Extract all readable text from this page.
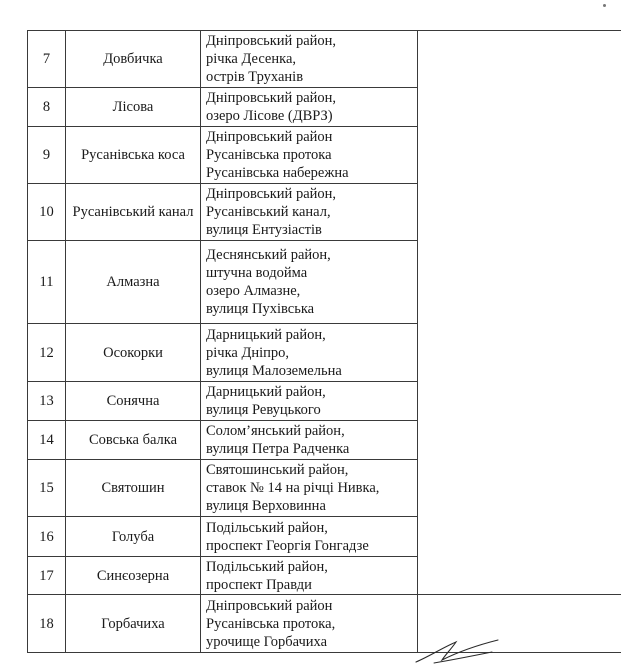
7	Довбичка	Дніпровський район,
річка Десенка,
острів Труханів	

8	Лісова	Дніпровський район,
озеро Лісове (ДВРЗ)	

9	Русанівська коса	Дніпровський район
Русанівська протока
Русанівська набережна	

10	Русанівський канал	Дніпровський район,
Русанівський канал,
вулиця Ентузіастів	

11	Алмазна	Деснянський район,
штучна водойма
озеро Алмазне,
вулиця Пухівська	

12	Осокорки	Дарницький район,
річка Дніпро,
вулиця Малоземельна	

13	Сонячна	Дарницький район,
вулиця Ревуцького	

14	Совська балка	Солом’янський район,
вулиця Петра Радченка	

15	Святошин	Святошинський район,
ставок № 14 на річці Нивка,
вулиця Верховинна	

16	Голуба	Подільський район,
проспект Георгія Гонгадзе	

17	Синєозерна	Подільський район,
проспект Правди	

18	Горбачиха	Дніпровський район
Русанівська протока,
урочище Горбачиха	
